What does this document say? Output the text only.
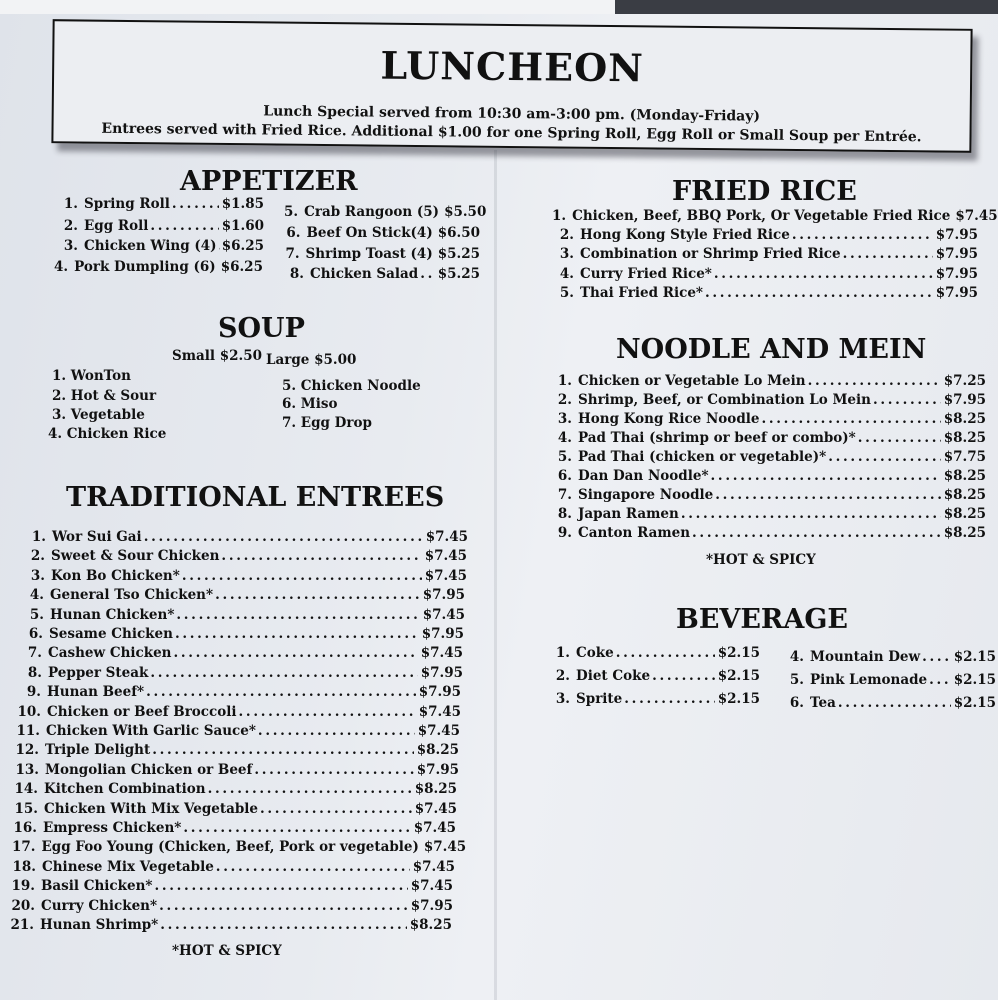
LUNCHEON
Lunch Special served from 10:30 am-3:00 pm. (Monday-Friday)
Entrees served with Fried Rice. Additional $1.00 for one Spring Roll, Egg Roll or Small Soup per Entrée.
APPETIZER
1. Spring Roll . . .	$1.85
2. Egg Roll . . .	$1.60
3. Chicken Wing (4) . . . $6.25
4. Pork Dumpling (6) $6.25
5. Crab Rangoon (5) $5.50
6. Beef On Stick(4) $6.50
7. Shrimp Toast (4) $5.25
8. Chicken Salad . . . $5.25
SOUP
Small $2.50 Large $5.00
1. WonTon
2. Hot & Sour
3. Vegetable
4. Chicken Rice
5. Chicken Noodle
6. Miso
7. Egg Drop
TRADITIONAL ENTREES
1. Wor Sui Gai . . .	$7.45
2. Sweet & Sour Chicken . . .	$7.45
3. Kon Bo Chicken* . . .	$7.45
4. General Tso Chicken* . . .	$7.95
5. Hunan Chicken* . . .	$7.45
6. Sesame Chicken . . .	$7.95
7. Cashew Chicken . . .	$7.45
8. Pepper Steak . . .	$7.95
9. Hunan Beef* . . .	$7.95
10. Chicken or Beef Broccoli . . .	$7.45
11. Chicken With Garlic Sauce* . . .	$7.45
12. Triple Delight . . .	$8.25
13. Mongolian Chicken or Beef . . .	$7.95
14. Kitchen Combination . . .	$8.25
15. Chicken With Mix Vegetable . . .	$7.45
16. Empress Chicken* . . .	$7.45
17. Egg Foo Young (Chicken, Beef, Pork or vegetable) $7.45
18. Chinese Mix Vegetable . . .	$7.45
19. Basil Chicken* . . .	$7.45
20. Curry Chicken* . . .	$7.95
21. Hunan Shrimp* . . .	$8.25
*HOT & SPICY
FRIED RICE
1. Chicken, Beef, BBQ Pork, Or Vegetable Fried Rice $7.45
2. Hong Kong Style Fried Rice . . .	$7.95
3. Combination or Shrimp Fried Rice . . .	$7.95
4. Curry Fried Rice* . . .	$7.95
5. Thai Fried Rice* . . .	$7.95
NOODLE AND MEIN
1. Chicken or Vegetable Lo Mein . . .	$7.25
2. Shrimp, Beef, or Combination Lo Mein . . .	$7.95
3. Hong Kong Rice Noodle . . .	$8.25
4. Pad Thai (shrimp or beef or combo)* . . .	$8.25
5. Pad Thai (chicken or vegetable)* . . .	$7.75
6. Dan Dan Noodle* . . .	$8.25
7. Singapore Noodle . . .	$8.25
8. Japan Ramen . . .	$8.25
9. Canton Ramen . . .	$8.25
*HOT & SPICY
BEVERAGE
1. Coke . . .	$2.15
2. Diet Coke . . .	$2.15
3. Sprite . . .	$2.15
4. Mountain Dew . . . $2.15
5. Pink Lemonade . . . $2.15
6. Tea . . .	$2.15
